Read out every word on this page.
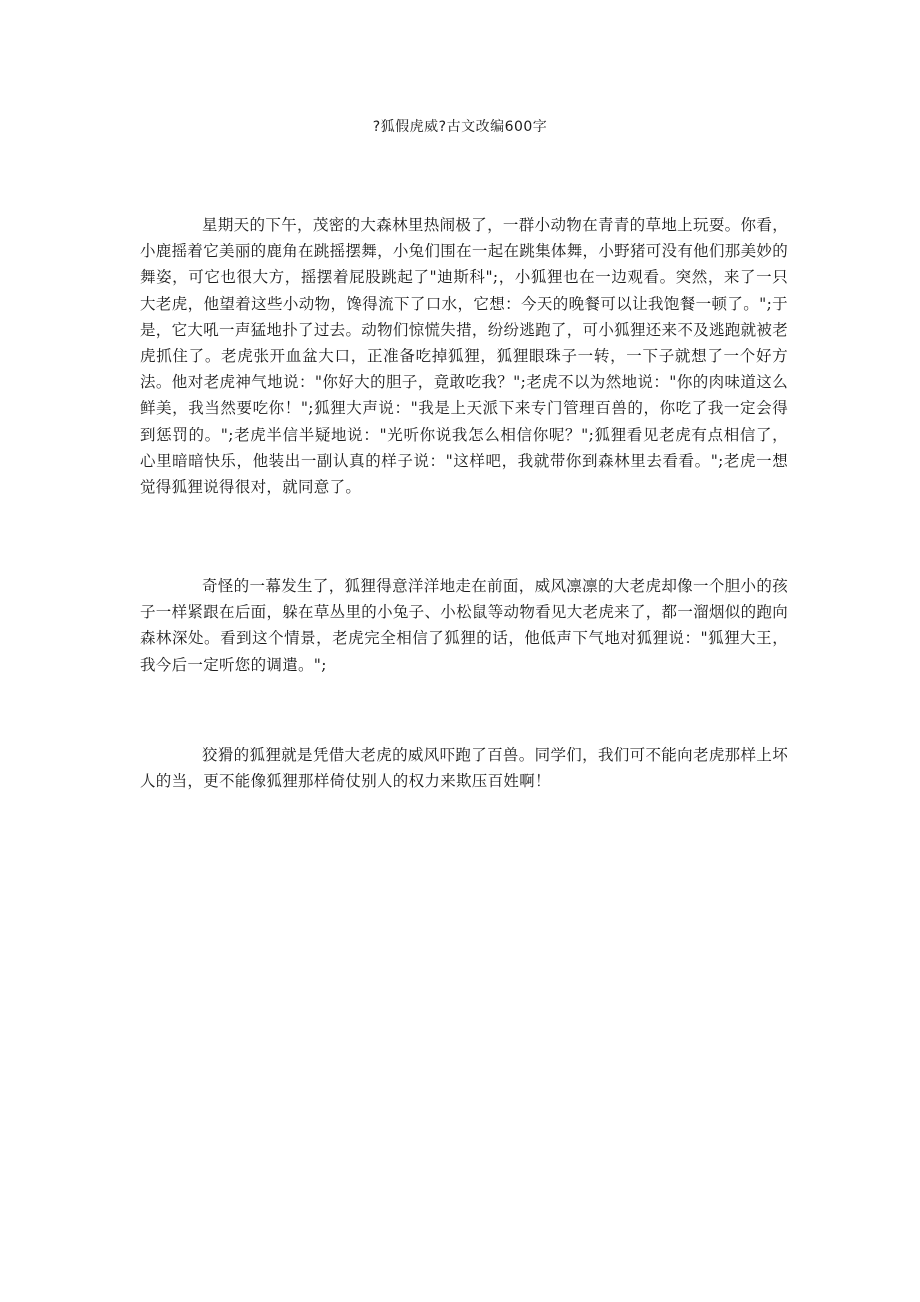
?狐假虎威?古文改编600字

星期天的下午，茂密的大森林里热闹极了，一群小动物在青青的草地上玩耍。你看，小鹿摇着它美丽的鹿角在跳摇摆舞，小兔们围在一起在跳集体舞，小野猪可没有他们那美妙的舞姿，可它也很大方，摇摆着屁股跳起了"迪斯科";，小狐狸也在一边观看。突然，来了一只大老虎，他望着这些小动物，馋得流下了口水，它想：今天的晚餐可以让我饱餐一顿了。";于是，它大吼一声猛地扑了过去。动物们惊慌失措，纷纷逃跑了，可小狐狸还来不及逃跑就被老虎抓住了。老虎张开血盆大口，正准备吃掉狐狸，狐狸眼珠子一转，一下子就想了一个好方法。他对老虎神气地说："你好大的胆子，竟敢吃我？";老虎不以为然地说："你的肉味道这么鲜美，我当然要吃你！";狐狸大声说："我是上天派下来专门管理百兽的，你吃了我一定会得到惩罚的。";老虎半信半疑地说："光听你说我怎么相信你呢？";狐狸看见老虎有点相信了，心里暗暗快乐，他装出一副认真的样子说："这样吧，我就带你到森林里去看看。";老虎一想觉得狐狸说得很对，就同意了。

奇怪的一幕发生了，狐狸得意洋洋地走在前面，威风凛凛的大老虎却像一个胆小的孩子一样紧跟在后面，躲在草丛里的小兔子、小松鼠等动物看见大老虎来了，都一溜烟似的跑向森林深处。看到这个情景，老虎完全相信了狐狸的话，他低声下气地对狐狸说："狐狸大王，我今后一定听您的调遣。";

狡猾的狐狸就是凭借大老虎的威风吓跑了百兽。同学们，我们可不能向老虎那样上坏人的当，更不能像狐狸那样倚仗别人的权力来欺压百姓啊！
